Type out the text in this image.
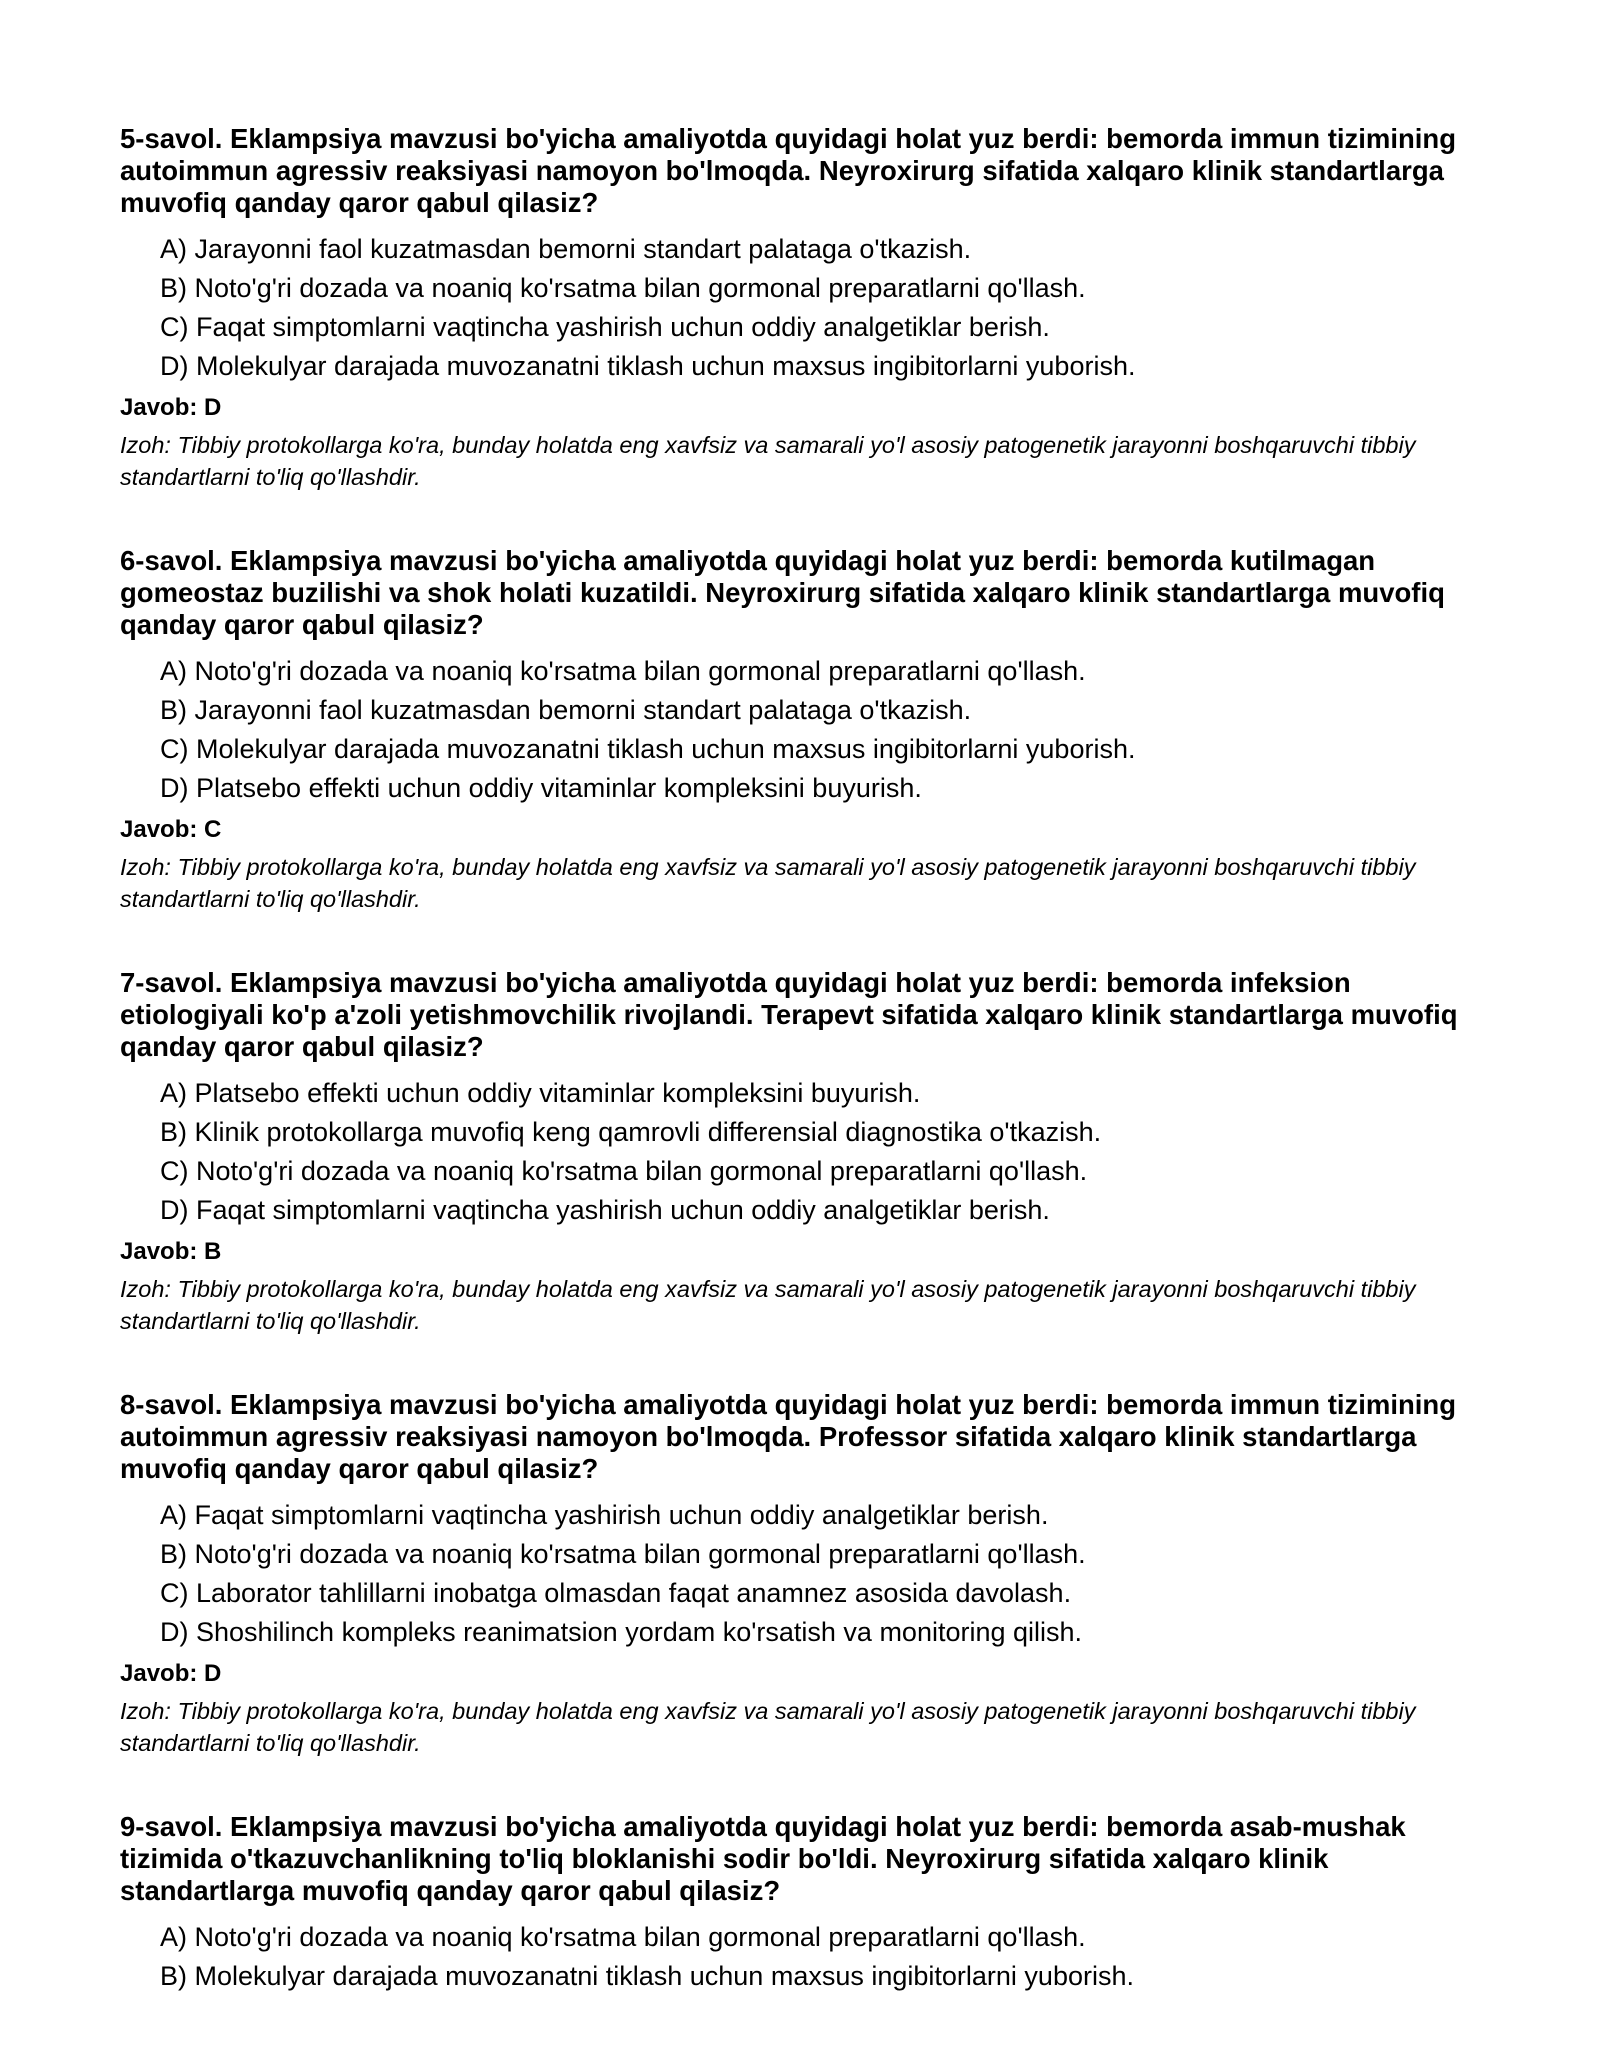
5-savol. Eklampsiya mavzusi bo'yicha amaliyotda quyidagi holat yuz berdi: bemorda immun tizimining autoimmun agressiv reaksiyasi namoyon bo'lmoqda. Neyroxirurg sifatida xalqaro klinik standartlarga muvofiq qanday qaror qabul qilasiz?
A) Jarayonni faol kuzatmasdan bemorni standart palataga o'tkazish.
B) Noto'g'ri dozada va noaniq ko'rsatma bilan gormonal preparatlarni qo'llash.
C) Faqat simptomlarni vaqtincha yashirish uchun oddiy analgetiklar berish.
D) Molekulyar darajada muvozanatni tiklash uchun maxsus ingibitorlarni yuborish.
Javob: D
Izoh: Tibbiy protokollarga ko'ra, bunday holatda eng xavfsiz va samarali yo'l asosiy patogenetik jarayonni boshqaruvchi tibbiy standartlarni to'liq qo'llashdir.
6-savol. Eklampsiya mavzusi bo'yicha amaliyotda quyidagi holat yuz berdi: bemorda kutilmagan gomeostaz buzilishi va shok holati kuzatildi. Neyroxirurg sifatida xalqaro klinik standartlarga muvofiq qanday qaror qabul qilasiz?
A) Noto'g'ri dozada va noaniq ko'rsatma bilan gormonal preparatlarni qo'llash.
B) Jarayonni faol kuzatmasdan bemorni standart palataga o'tkazish.
C) Molekulyar darajada muvozanatni tiklash uchun maxsus ingibitorlarni yuborish.
D) Platsebo effekti uchun oddiy vitaminlar kompleksini buyurish.
Javob: C
Izoh: Tibbiy protokollarga ko'ra, bunday holatda eng xavfsiz va samarali yo'l asosiy patogenetik jarayonni boshqaruvchi tibbiy standartlarni to'liq qo'llashdir.
7-savol. Eklampsiya mavzusi bo'yicha amaliyotda quyidagi holat yuz berdi: bemorda infeksion etiologiyali ko'p a'zoli yetishmovchilik rivojlandi. Terapevt sifatida xalqaro klinik standartlarga muvofiq qanday qaror qabul qilasiz?
A) Platsebo effekti uchun oddiy vitaminlar kompleksini buyurish.
B) Klinik protokollarga muvofiq keng qamrovli differensial diagnostika o'tkazish.
C) Noto'g'ri dozada va noaniq ko'rsatma bilan gormonal preparatlarni qo'llash.
D) Faqat simptomlarni vaqtincha yashirish uchun oddiy analgetiklar berish.
Javob: B
Izoh: Tibbiy protokollarga ko'ra, bunday holatda eng xavfsiz va samarali yo'l asosiy patogenetik jarayonni boshqaruvchi tibbiy standartlarni to'liq qo'llashdir.
8-savol. Eklampsiya mavzusi bo'yicha amaliyotda quyidagi holat yuz berdi: bemorda immun tizimining autoimmun agressiv reaksiyasi namoyon bo'lmoqda. Professor sifatida xalqaro klinik standartlarga muvofiq qanday qaror qabul qilasiz?
A) Faqat simptomlarni vaqtincha yashirish uchun oddiy analgetiklar berish.
B) Noto'g'ri dozada va noaniq ko'rsatma bilan gormonal preparatlarni qo'llash.
C) Laborator tahlillarni inobatga olmasdan faqat anamnez asosida davolash.
D) Shoshilinch kompleks reanimatsion yordam ko'rsatish va monitoring qilish.
Javob: D
Izoh: Tibbiy protokollarga ko'ra, bunday holatda eng xavfsiz va samarali yo'l asosiy patogenetik jarayonni boshqaruvchi tibbiy standartlarni to'liq qo'llashdir.
9-savol. Eklampsiya mavzusi bo'yicha amaliyotda quyidagi holat yuz berdi: bemorda asab-mushak tizimida o'tkazuvchanlikning to'liq bloklanishi sodir bo'ldi. Neyroxirurg sifatida xalqaro klinik standartlarga muvofiq qanday qaror qabul qilasiz?
A) Noto'g'ri dozada va noaniq ko'rsatma bilan gormonal preparatlarni qo'llash.
B) Molekulyar darajada muvozanatni tiklash uchun maxsus ingibitorlarni yuborish.
